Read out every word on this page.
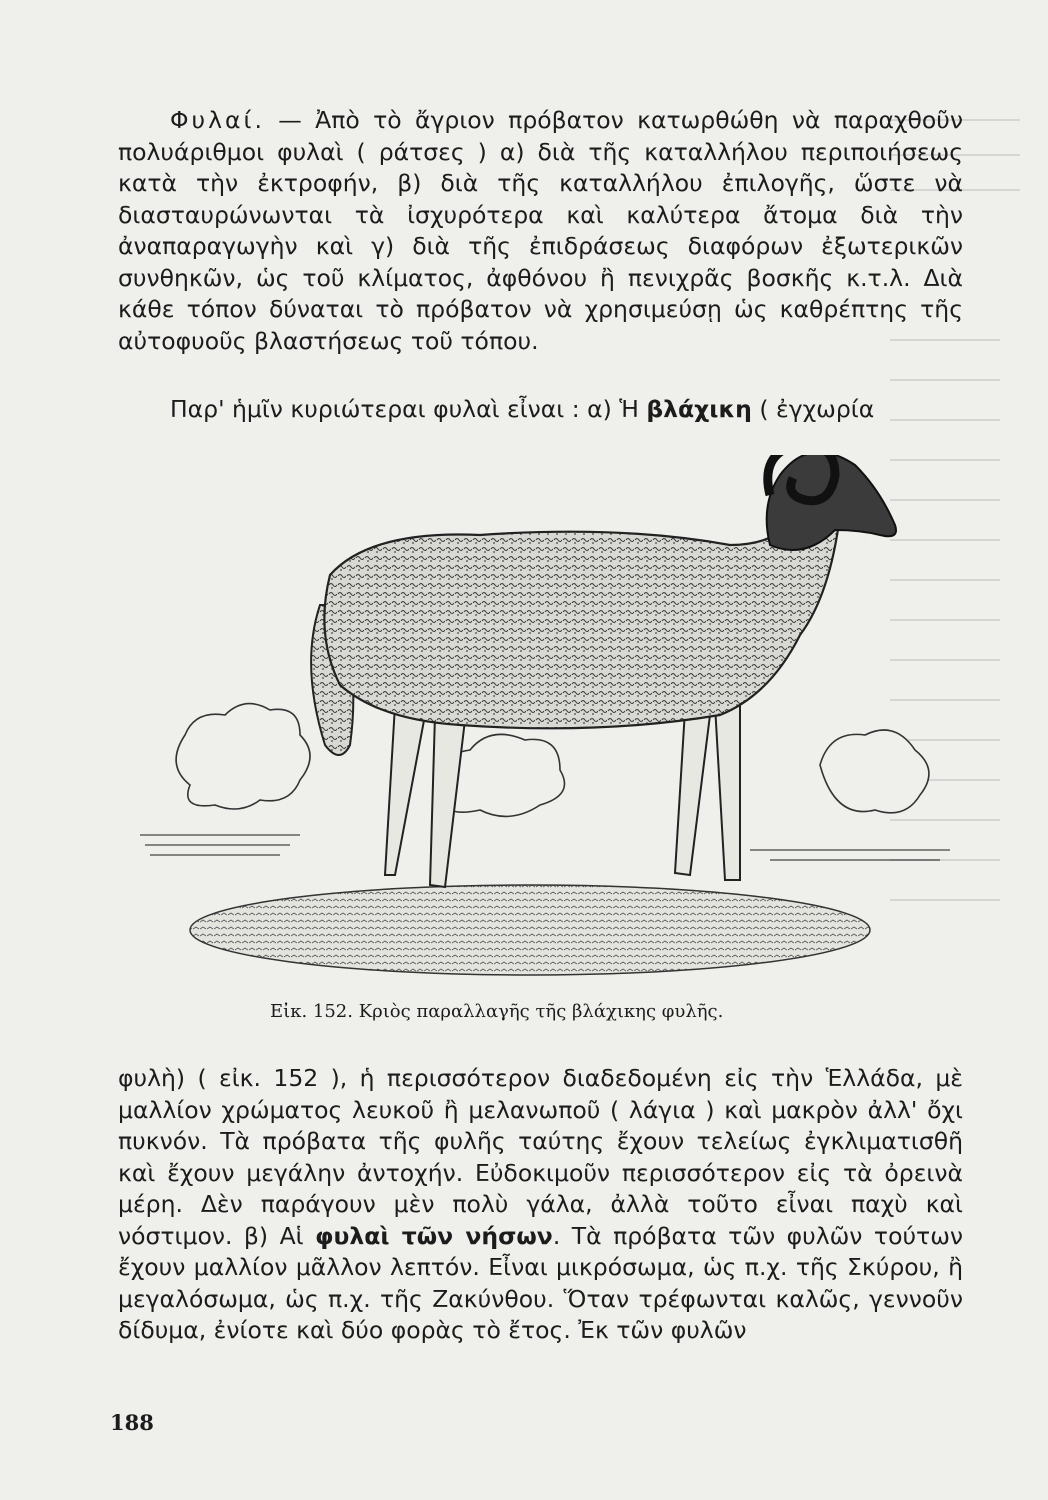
Φυλαί. — Ἀπὸ τὸ ἄγριον πρόβατον κατωρθώθη νὰ παραχθοῦν πολυάριθμοι φυλαὶ ( ράτσες ) α) διὰ τῆς καταλλήλου περιποιήσεως κατὰ τὴν ἐκτροφήν, β) διὰ τῆς καταλλήλου ἐπιλογῆς, ὥστε νὰ διασταυρώνωνται τὰ ἰσχυρότερα καὶ καλύτερα ἄτομα διὰ τὴν ἀναπαραγωγὴν καὶ γ) διὰ τῆς ἐπιδράσεως διαφόρων ἐξωτερικῶν συνθηκῶν, ὡς τοῦ κλίματος, ἀφθόνου ἢ πενιχρᾶς βοσκῆς κ.τ.λ. Διὰ κάθε τόπον δύναται τὸ πρόβατον νὰ χρησιμεύσῃ ὡς καθρέπτης τῆς αὐτοφυοῦς βλαστήσεως τοῦ τόπου.

Παρ' ἡμῖν κυριώτεραι φυλαὶ εἶναι : α) Ἡ βλάχικη ( ἐγχωρία

Εἰκ. 152. Κριὸς παραλλαγῆς τῆς βλάχικης φυλῆς.

φυλὴ) ( εἰκ. 152 ), ἡ περισσότερον διαδεδομένη εἰς τὴν Ἑλλάδα, μὲ μαλλίον χρώματος λευκοῦ ἢ μελανωποῦ ( λάγια ) καὶ μακρὸν ἀλλ' ὄχι πυκνόν. Τὰ πρόβατα τῆς φυλῆς ταύτης ἔχουν τελείως ἐγκλιματισθῆ καὶ ἔχουν μεγάλην ἀντοχήν. Εὐδοκιμοῦν περισσότερον εἰς τὰ ὀρεινὰ μέρη. Δὲν παράγουν μὲν πολὺ γάλα, ἀλλὰ τοῦτο εἶναι παχὺ καὶ νόστιμον. β) Αἱ φυλαὶ τῶν νήσων. Τὰ πρόβατα τῶν φυλῶν τούτων ἔχουν μαλλίον μᾶλλον λεπτόν. Εἶναι μικρόσωμα, ὡς π.χ. τῆς Σκύρου, ἢ μεγαλόσωμα, ὡς π.χ. τῆς Ζακύνθου. Ὅταν τρέφωνται καλῶς, γεννοῦν δίδυμα, ἐνίοτε καὶ δύο φορὰς τὸ ἔτος. Ἐκ τῶν φυλῶν

188
